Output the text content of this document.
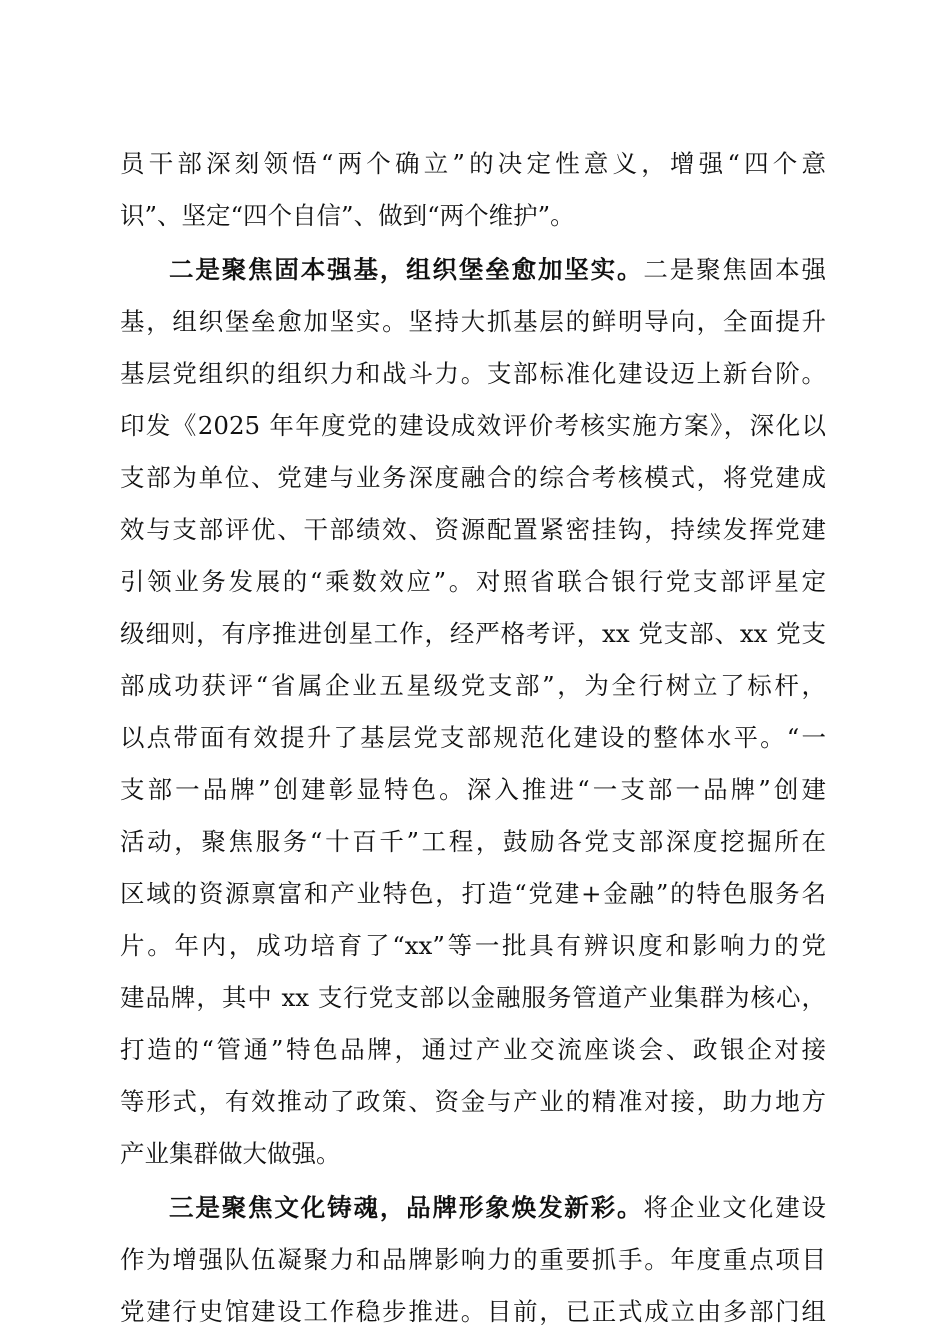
员干部深刻领悟“两个确立”的决定性意义，增强“四个意
识”、坚定“四个自信”、做到“两个维护”。
二是聚焦固本强基，组织堡垒愈加坚实。二是聚焦固本强
基，组织堡垒愈加坚实。坚持大抓基层的鲜明导向，全面提升
基层党组织的组织力和战斗力。支部标准化建设迈上新台阶。
印发《2025 年年度党的建设成效评价考核实施方案》，深化以
支部为单位、党建与业务深度融合的综合考核模式，将党建成
效与支部评优、干部绩效、资源配置紧密挂钩，持续发挥党建
引领业务发展的“乘数效应”。对照省联合银行党支部评星定
级细则，有序推进创星工作，经严格考评，xx 党支部、xx 党支
部成功获评“省属企业五星级党支部”，为全行树立了标杆，
以点带面有效提升了基层党支部规范化建设的整体水平。“一
支部一品牌”创建彰显特色。深入推进“一支部一品牌”创建
活动，聚焦服务“十百千”工程，鼓励各党支部深度挖掘所在
区域的资源禀富和产业特色，打造“党建+金融”的特色服务名
片。年内，成功培育了“xx”等一批具有辨识度和影响力的党
建品牌，其中 xx 支行党支部以金融服务管道产业集群为核心，
打造的“管通”特色品牌，通过产业交流座谈会、政银企对接
等形式，有效推动了政策、资金与产业的精准对接，助力地方
产业集群做大做强。
三是聚焦文化铸魂，品牌形象焕发新彩。将企业文化建设
作为增强队伍凝聚力和品牌影响力的重要抓手。年度重点项目
党建行史馆建设工作稳步推进。目前，已正式成立由多部门组
